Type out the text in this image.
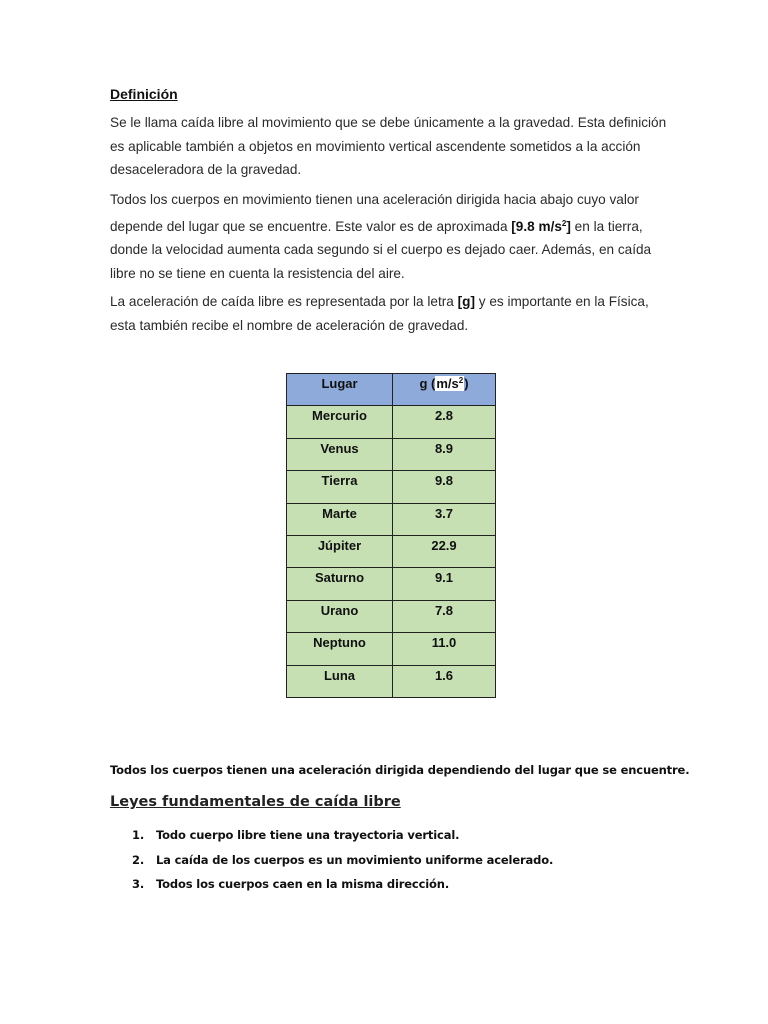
Definición

Se le llama caída libre al movimiento que se debe únicamente a la gravedad. Esta definición es aplicable también a objetos en movimiento vertical ascendente sometidos a la acción desaceleradora de la gravedad.

Todos los cuerpos en movimiento tienen una aceleración dirigida hacia abajo cuyo valor depende del lugar que se encuentre. Este valor es de aproximada [9.8 $m/s^2$] en la tierra, donde la velocidad aumenta cada segundo si el cuerpo es dejado caer. Además, en caída libre no se tiene en cuenta la resistencia del aire.

La aceleración de caída libre es representada por la letra [g] y es importante en la Física, esta también recibe el nombre de aceleración de gravedad.

Lugar	g $(m/s^2)$
Mercurio	2.8
Venus	8.9
Tierra	9.8
Marte	3.7
Júpiter	22.9
Saturno	9.1
Urano	7.8
Neptuno	11.0
Luna	1.6
Todos los cuerpos tienen una aceleración dirigida dependiendo del lugar que se encuentre.
Leyes fundamentales de caída libre
1.	Todo cuerpo libre tiene una trayectoria vertical.
2.	La caída de los cuerpos es un movimiento uniforme acelerado.
3.	Todos los cuerpos caen en la misma dirección.
